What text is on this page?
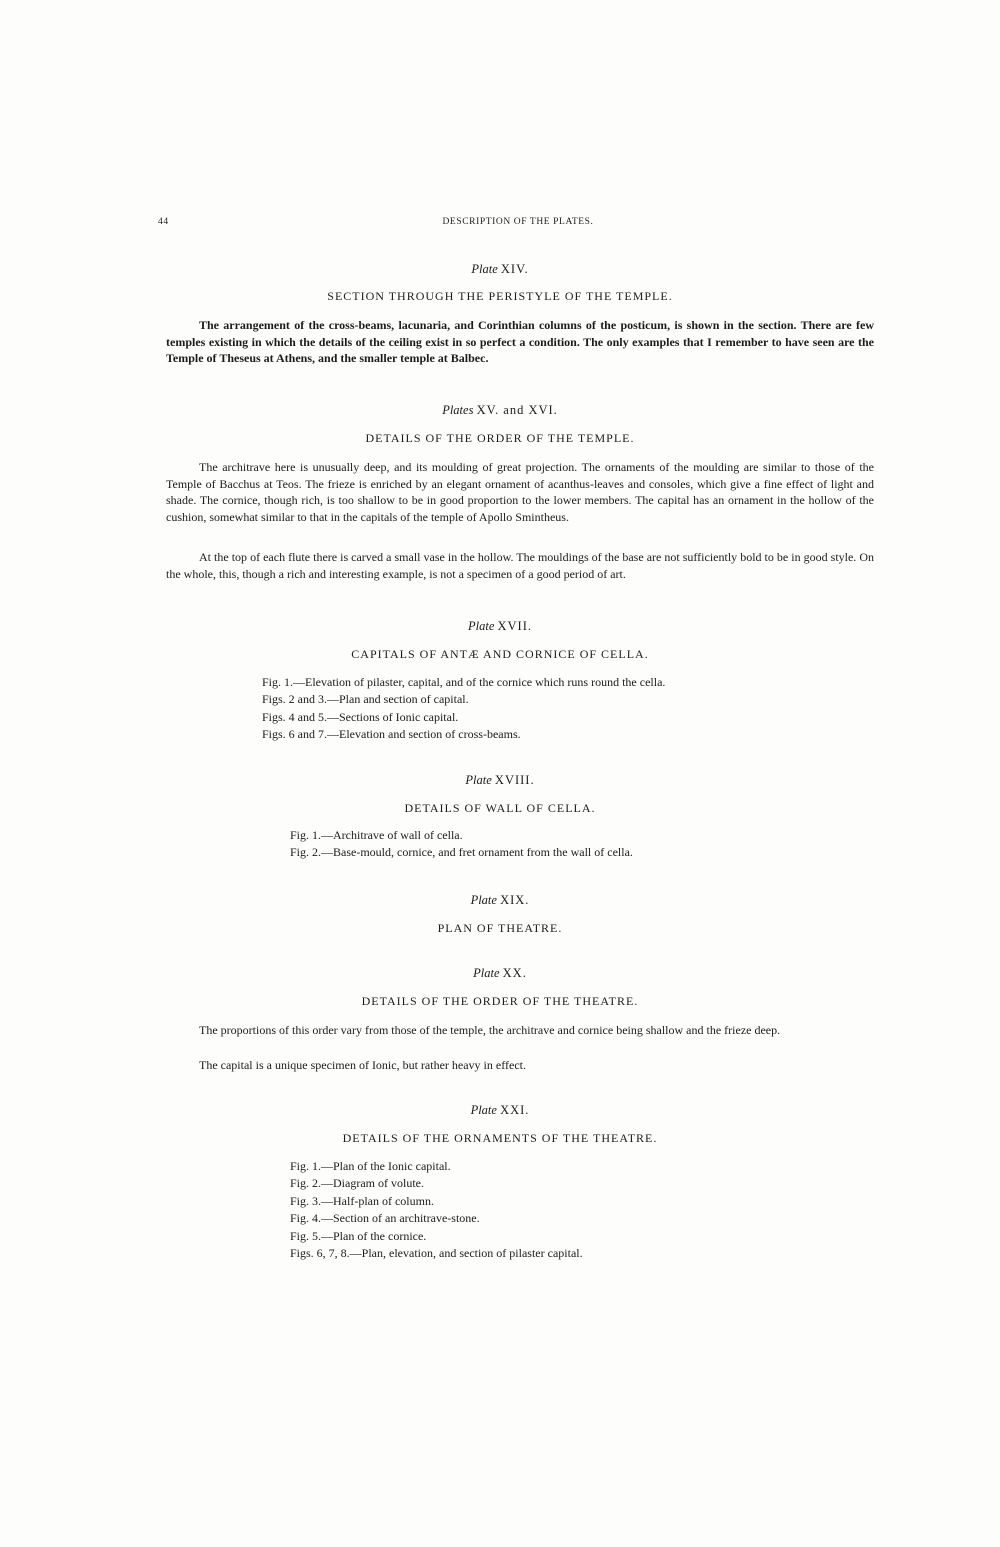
44	DESCRIPTION OF THE PLATES.
Plate XIV.
SECTION THROUGH THE PERISTYLE OF THE TEMPLE.

The arrangement of the cross-beams, lacunaria, and Corinthian columns of the posticum, is shown in the section. There are few temples existing in which the details of the ceiling exist in so perfect a condition. The only examples that I remember to have seen are the Temple of Theseus at Athens, and the smaller temple at Balbec.

Plates XV. and XVI.
DETAILS OF THE ORDER OF THE TEMPLE.

The architrave here is unusually deep, and its moulding of great projection. The ornaments of the moulding are similar to those of the Temple of Bacchus at Teos. The frieze is enriched by an elegant ornament of acanthus-leaves and consoles, which give a fine effect of light and shade. The cornice, though rich, is too shallow to be in good proportion to the lower members. The capital has an ornament in the hollow of the cushion, somewhat similar to that in the capitals of the temple of Apollo Smintheus.

At the top of each flute there is carved a small vase in the hollow. The mouldings of the base are not sufficiently bold to be in good style. On the whole, this, though a rich and interesting example, is not a specimen of a good period of art.

Plate XVII.
CAPITALS OF ANTÆ AND CORNICE OF CELLA.
Fig. 1.—Elevation of pilaster, capital, and of the cornice which runs round the cella.
Figs. 2 and 3.—Plan and section of capital.
Figs. 4 and 5.—Sections of Ionic capital.
Figs. 6 and 7.—Elevation and section of cross-beams.
Plate XVIII.
DETAILS OF WALL OF CELLA.
Fig. 1.—Architrave of wall of cella.
Fig. 2.—Base-mould, cornice, and fret ornament from the wall of cella.
Plate XIX.
PLAN OF THEATRE.
Plate XX.
DETAILS OF THE ORDER OF THE THEATRE.

The proportions of this order vary from those of the temple, the architrave and cornice being shallow and the frieze deep.

The capital is a unique specimen of Ionic, but rather heavy in effect.

Plate XXI.
DETAILS OF THE ORNAMENTS OF THE THEATRE.
Fig. 1.—Plan of the Ionic capital.
Fig. 2.—Diagram of volute.
Fig. 3.—Half-plan of column.
Fig. 4.—Section of an architrave-stone.
Fig. 5.—Plan of the cornice.
Figs. 6, 7, 8.—Plan, elevation, and section of pilaster capital.
